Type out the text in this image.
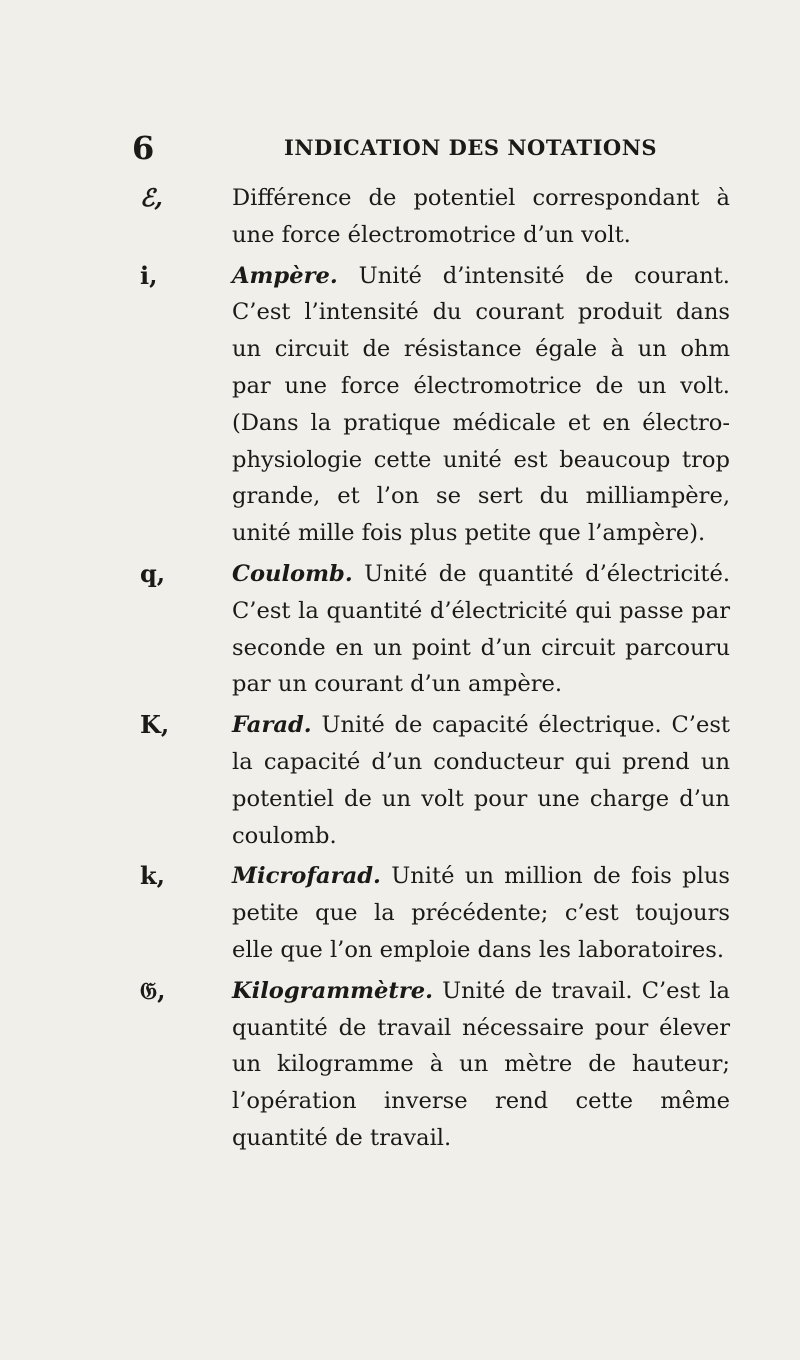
6	INDICATION DES NOTATIONS
ℰ,	Différence de potentiel correspondant à une force électromotrice d’un volt.
i,	Ampère. Unité d’intensité de courant. C’est l’intensité du courant produit dans un circuit de résistance égale à un ohm par une force électromotrice de un volt. (Dans la pratique médicale et en électro-physiologie cette unité est beaucoup trop grande, et l’on se sert du milliampère, unité mille fois plus petite que l’ampère).
q,	Coulomb. Unité de quantité d’électricité. C’est la quantité d’électricité qui passe par seconde en un point d’un circuit parcouru par un courant d’un ampère.
K,	Farad. Unité de capacité électrique. C’est la capacité d’un conducteur qui prend un potentiel de un volt pour une charge d’un coulomb.
k,	Microfarad. Unité un million de fois plus petite que la précédente; c’est toujours elle que l’on emploie dans les laboratoires.
𝔊,	Kilogrammètre. Unité de travail. C’est la quantité de travail nécessaire pour élever un kilogramme à un mètre de hauteur; l’opération inverse rend cette même quantité de travail.
